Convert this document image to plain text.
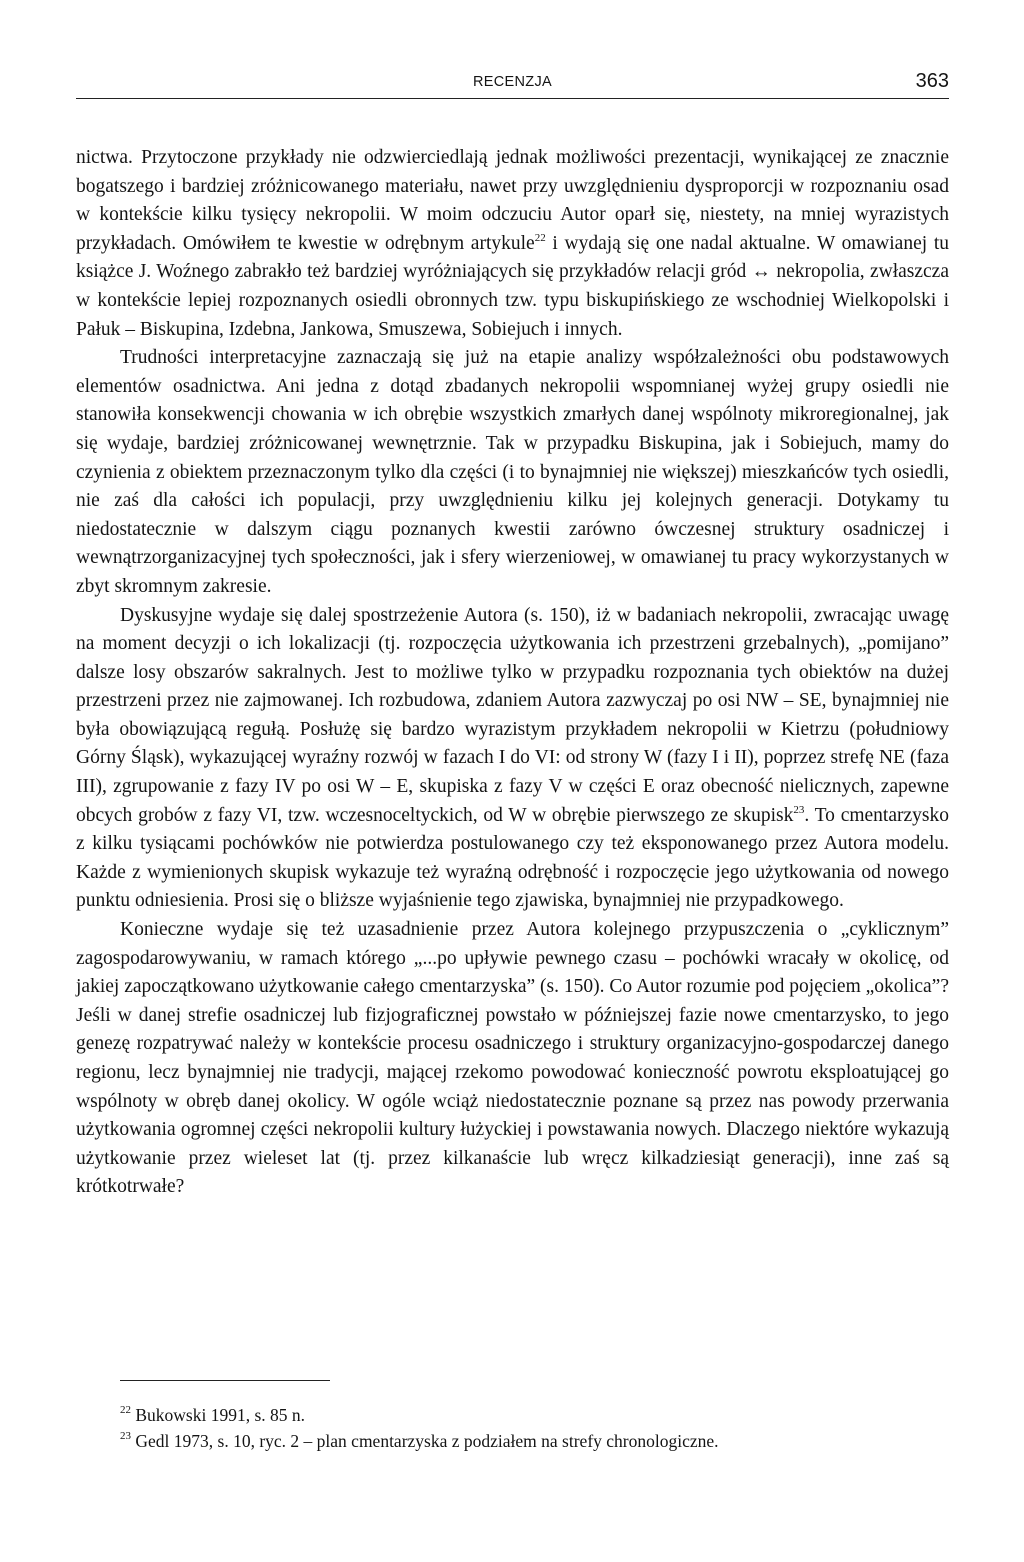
RECENZJA	363

nictwa. Przytoczone przykłady nie odzwierciedlają jednak możliwości prezentacji, wynikającej ze znacznie bogatszego i bardziej zróżnicowanego materiału, nawet przy uwzględnieniu dysproporcji w rozpoznaniu osad w kontekście kilku tysięcy nekropolii. W moim odczuciu Autor oparł się, niestety, na mniej wyrazistych przykładach. Omówiłem te kwestie w odrębnym artykule$^{22}$ i wydają się one nadal aktualne. W omawianej tu książce J. Woźnego zabrakło też bardziej wyróżniających się przykładów relacji gród ↔ nekropolia, zwłaszcza w kontekście lepiej rozpoznanych osiedli obronnych tzw. typu biskupińskiego ze wschodniej Wielkopolski i Pałuk – Biskupina, Izdebna, Jankowa, Smuszewa, Sobiejuch i innych.

Trudności interpretacyjne zaznaczają się już na etapie analizy współzależności obu podstawowych elementów osadnictwa. Ani jedna z dotąd zbadanych nekropolii wspomnianej wyżej grupy osiedli nie stanowiła konsekwencji chowania w ich obrębie wszystkich zmarłych danej wspólnoty mikroregionalnej, jak się wydaje, bardziej zróżnicowanej wewnętrznie. Tak w przypadku Biskupina, jak i Sobiejuch, mamy do czynienia z obiektem przeznaczonym tylko dla części (i to bynajmniej nie większej) mieszkańców tych osiedli, nie zaś dla całości ich populacji, przy uwzględnieniu kilku jej kolejnych generacji. Dotykamy tu niedostatecznie w dalszym ciągu poznanych kwestii zarówno ówczesnej struktury osadniczej i wewnątrzorganizacyjnej tych społeczności, jak i sfery wierzeniowej, w omawianej tu pracy wykorzystanych w zbyt skromnym zakresie.

Dyskusyjne wydaje się dalej spostrzeżenie Autora (s. 150), iż w badaniach nekropolii, zwracając uwagę na moment decyzji o ich lokalizacji (tj. rozpoczęcia użytkowania ich przestrzeni grzebalnych), „pomijano” dalsze losy obszarów sakralnych. Jest to możliwe tylko w przypadku rozpoznania tych obiektów na dużej przestrzeni przez nie zajmowanej. Ich rozbudowa, zdaniem Autora zazwyczaj po osi NW – SE, bynajmniej nie była obowiązującą regułą. Posłużę się bardzo wyrazistym przykładem nekropolii w Kietrzu (południowy Górny Śląsk), wykazującej wyraźny rozwój w fazach I do VI: od strony W (fazy I i II), poprzez strefę NE (faza III), zgrupowanie z fazy IV po osi W – E, skupiska z fazy V w części E oraz obecność nielicznych, zapewne obcych grobów z fazy VI, tzw. wczesnoceltyckich, od W w obrębie pierwszego ze skupisk$^{23}$. To cmentarzysko z kilku tysiącami pochówków nie potwierdza postulowanego czy też eksponowanego przez Autora modelu. Każde z wymienionych skupisk wykazuje też wyraźną odrębność i rozpoczęcie jego użytkowania od nowego punktu odniesienia. Prosi się o bliższe wyjaśnienie tego zjawiska, bynajmniej nie przypadkowego.

Konieczne wydaje się też uzasadnienie przez Autora kolejnego przypuszczenia o „cyklicznym” zagospodarowywaniu, w ramach którego „...po upływie pewnego czasu – pochówki wracały w okolicę, od jakiej zapoczątkowano użytkowanie całego cmentarzyska” (s. 150). Co Autor rozumie pod pojęciem „okolica”? Jeśli w danej strefie osadniczej lub fizjograficznej powstało w późniejszej fazie nowe cmentarzysko, to jego genezę rozpatrywać należy w kontekście procesu osadniczego i struktury organizacyjno-gospodarczej danego regionu, lecz bynajmniej nie tradycji, mającej rzekomo powodować konieczność powrotu eksploatującej go wspólnoty w obręb danej okolicy. W ogóle wciąż niedostatecznie poznane są przez nas powody przerwania użytkowania ogromnej części nekropolii kultury łużyckiej i powstawania nowych. Dlaczego niektóre wykazują użytkowanie przez wieleset lat (tj. przez kilkanaście lub wręcz kilkadziesiąt generacji), inne zaś są krótkotrwałe?

$^{22}$ Bukowski 1991, s. 85 n.

$^{23}$ Gedl 1973, s. 10, ryc. 2 – plan cmentarzyska z podziałem na strefy chronologiczne.
